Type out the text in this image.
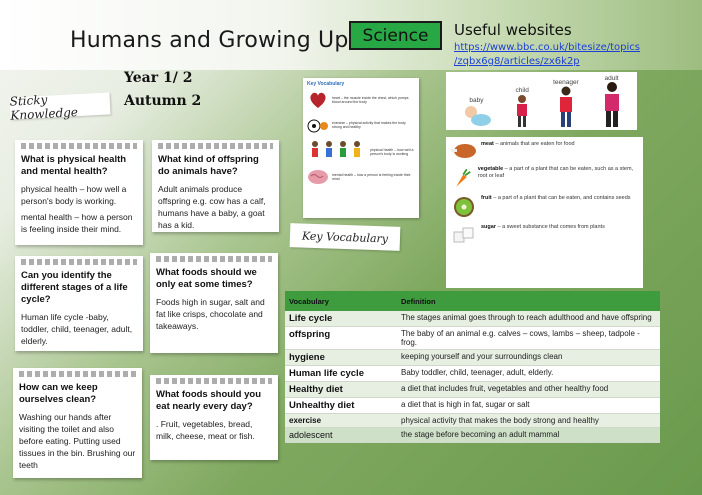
Humans and Growing Up Science	Useful websites
https://www.bbc.co.uk/bitesize/topics
/zqbx6g8/articles/zx6k2p
Year 1/ 2
Autumn 2
Sticky Knowledge
What is physical health and mental health?

physical health – how well a person's body is working.

mental health – how a person is feeling inside their mind.

What kind of offspring do animals have?

Adult animals produce offspring e.g. cow has a calf, humans have a baby, a goat has a kid.

Can you identify the different stages of a life cycle?

Human life cycle -baby, toddler, child, teenager, adult, elderly.

What foods should we only eat some times?

Foods high in sugar, salt and fat like crisps, chocolate and takeaways.

How can we keep ourselves clean?

Washing our hands after visiting the toilet and also before eating. Putting used tissues in the bin. Brushing our teeth

What foods should you eat nearly every day?

. Fruit, vegetables, bread, milk, cheese, meat or fish.

Key Vocabulary
heart – the muscle inside the chest, which pumps blood around the body
exercise – physical activity that makes the body strong and healthy
physical health – how well a person's body is working
mental health – how a person is feeling inside their mind
Key Vocabulary
baby
child
teenager
adult
meat – animals that are eaten for food
vegetable – a part of a plant that can be eaten, such as a stem, root or leaf
fruit – a part of a plant that can be eaten, and contains seeds
sugar – a sweet substance that comes from plants
Vocabulary	Definition
Life cycle	The stages animal goes through to reach adulthood and have offspring
offspring	The baby of an animal e.g. calves – cows, lambs – sheep, tadpole - frog.
hygiene	keeping yourself and your surroundings clean
Human life cycle	Baby toddler, child, teenager, adult, elderly.
Healthy diet	a diet that includes fruit, vegetables and other healthy food
Unhealthy diet	a diet that is high in fat, sugar or salt
exercise	physical activity that makes the body strong and healthy
adolescent	the stage before becoming an adult mammal
